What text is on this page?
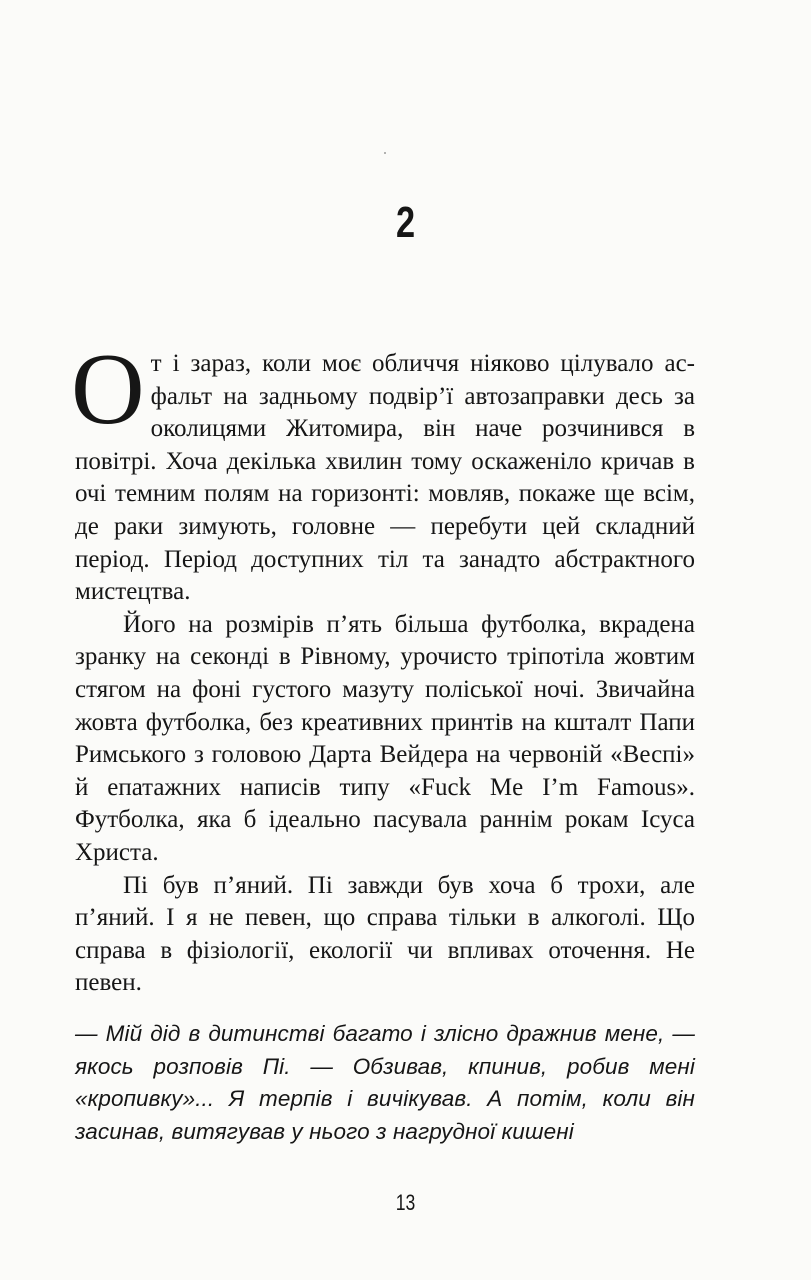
2

От і зараз, коли моє обличчя ніяково цілувало асфальт на задньому подвір’ї автозаправки десь за околицями Житомира, він наче розчинився в повітрі. Хоча декілька хвилин тому оскаженіло кричав в очі темним полям на горизонті: мовляв, покаже ще всім, де раки зимують, головне — перебути цей складний період. Період доступних тіл та занадто абстрактного мистецтва.

Його на розмірів п’ять більша футболка, вкрадена зранку на секонді в Рівному, урочисто тріпотіла жовтим стягом на фоні густого мазуту поліської ночі. Звичайна жовта футболка, без креативних принтів на кшталт Папи Римського з головою Дарта Вейдера на червоній «Веспі» й епатажних написів типу «Fuck Me I’m Famous». Футболка, яка б ідеально пасувала раннім рокам Ісуса Христа.

Пі був п’яний. Пі завжди був хоча б трохи, але п’яний. І я не певен, що справа тільки в алкоголі. Що справа в фізіології, екології чи впливах оточення. Не певен.

— Мій дід в дитинстві багато і злісно дражнив мене, — якось розповів Пі. — Обзивав, кпинив, робив мені «кропивку»... Я терпів і вичікував. А потім, коли він засинав, витягував у нього з нагрудної кишені

13
